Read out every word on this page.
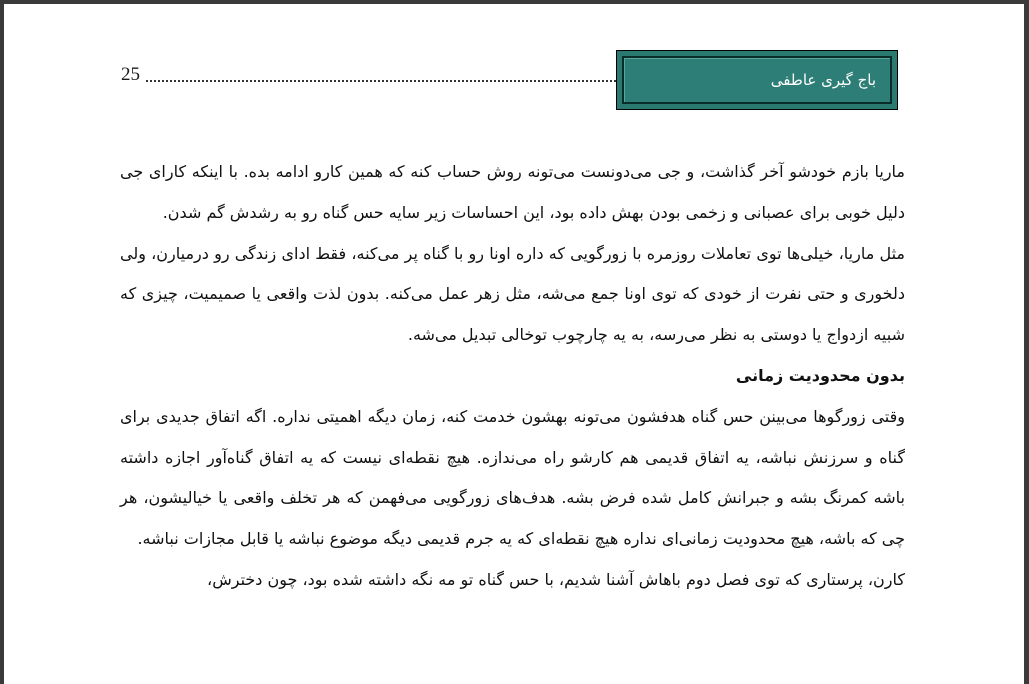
25	باج گیری عاطفی

ماریا بازم خودشو آخر گذاشت، و جی می‌دونست می‌تونه روش حساب کنه که همین کارو ادامه بده. با اینکه کارای جی دلیل خوبی برای عصبانی و زخمی بودن بهش داده بود، این احساسات زیر سایه حس گناه رو به رشدش گم شدن.

مثل ماریا، خیلی‌ها توی تعاملات روزمره با زورگویی که داره اونا رو با گناه پر می‌کنه، فقط ادای زندگی رو درمیارن، ولی دلخوری و حتی نفرت از خودی که توی اونا جمع می‌شه، مثل زهر عمل می‌کنه. بدون لذت واقعی یا صمیمیت، چیزی که شبیه ازدواج یا دوستی به نظر می‌رسه، به یه چارچوب توخالی تبدیل می‌شه.

بدون محدودیت زمانی

وقتی زورگوها می‌بینن حس گناه هدفشون می‌تونه بهشون خدمت کنه، زمان دیگه اهمیتی نداره. اگه اتفاق جدیدی برای گناه و سرزنش نباشه، یه اتفاق قدیمی هم کارشو راه می‌ندازه. هیچ نقطه‌ای نیست که یه اتفاق گناه‌آور اجازه داشته باشه کمرنگ بشه و جبرانش کامل شده فرض بشه. هدف‌های زورگویی می‌فهمن که هر تخلف واقعی یا خیالیشون، هر چی که باشه، هیچ محدودیت زمانی‌ای نداره هیچ نقطه‌ای که یه جرم قدیمی دیگه موضوع نباشه یا قابل مجازات نباشه.

کارن، پرستاری که توی فصل دوم باهاش آشنا شدیم، با حس گناه تو مه نگه داشته شده بود، چون دخترش،
